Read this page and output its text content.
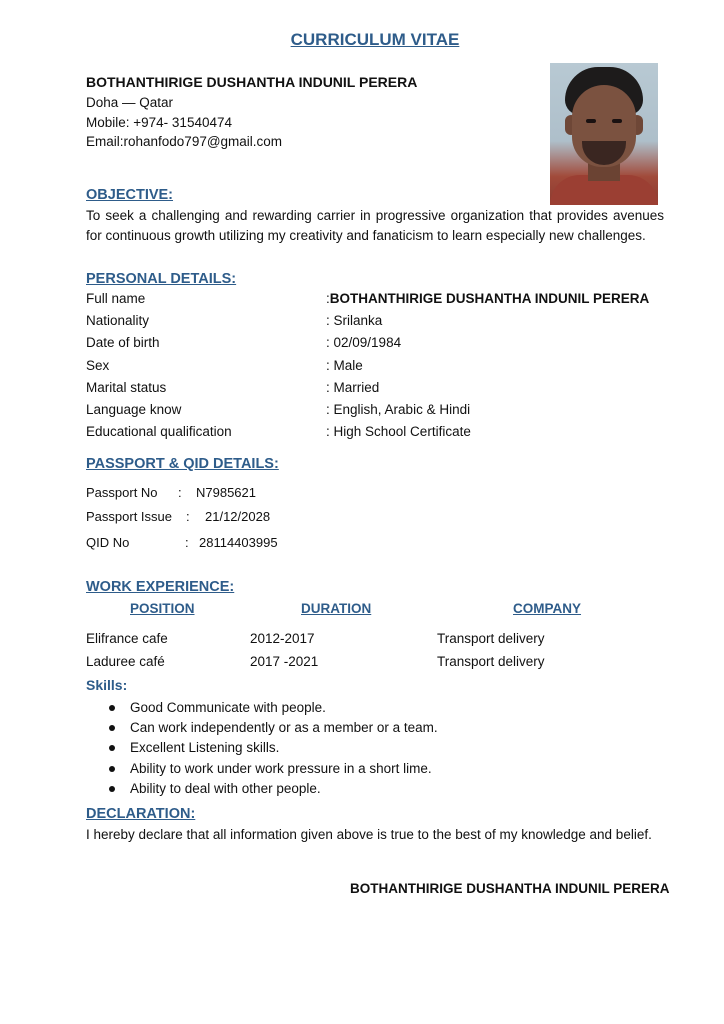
CURRICULUM VITAE
BOTHANTHIRIGE DUSHANTHA INDUNIL PERERA
Doha — Qatar
Mobile: +974- 31540474
Email:rohanfodo797@gmail.com
OBJECTIVE:
To seek a challenging and rewarding carrier in progressive organization that provides avenues for continuous growth utilizing my creativity and fanaticism to learn especially new challenges.
PERSONAL DETAILS:
Full name	:BOTHANTHIRIGE DUSHANTHA INDUNIL PERERA
Nationality	: Srilanka
Date of birth	: 02/09/1984
Sex	: Male
Marital status	: Married
Language know	: English, Arabic & Hindi
Educational qualification	: High School Certificate
PASSPORT & QID DETAILS:
Passport No : N7985621
Passport Issue : 21/12/2028
QID No	: 28114403995
WORK EXPERIENCE:
POSITION	DURATION	COMPANY
Elifrance cafe	2012-2017	Transport delivery
Laduree café	2017 -2021	Transport delivery
Skills:
Good Communicate with people.
Can work independently or as a member or a team.
Excellent Listening skills.
Ability to work under work pressure in a short lime.
Ability to deal with other people.
DECLARATION:
I hereby declare that all information given above is true to the best of my knowledge and belief.
BOTHANTHIRIGE DUSHANTHA INDUNIL PERERA
